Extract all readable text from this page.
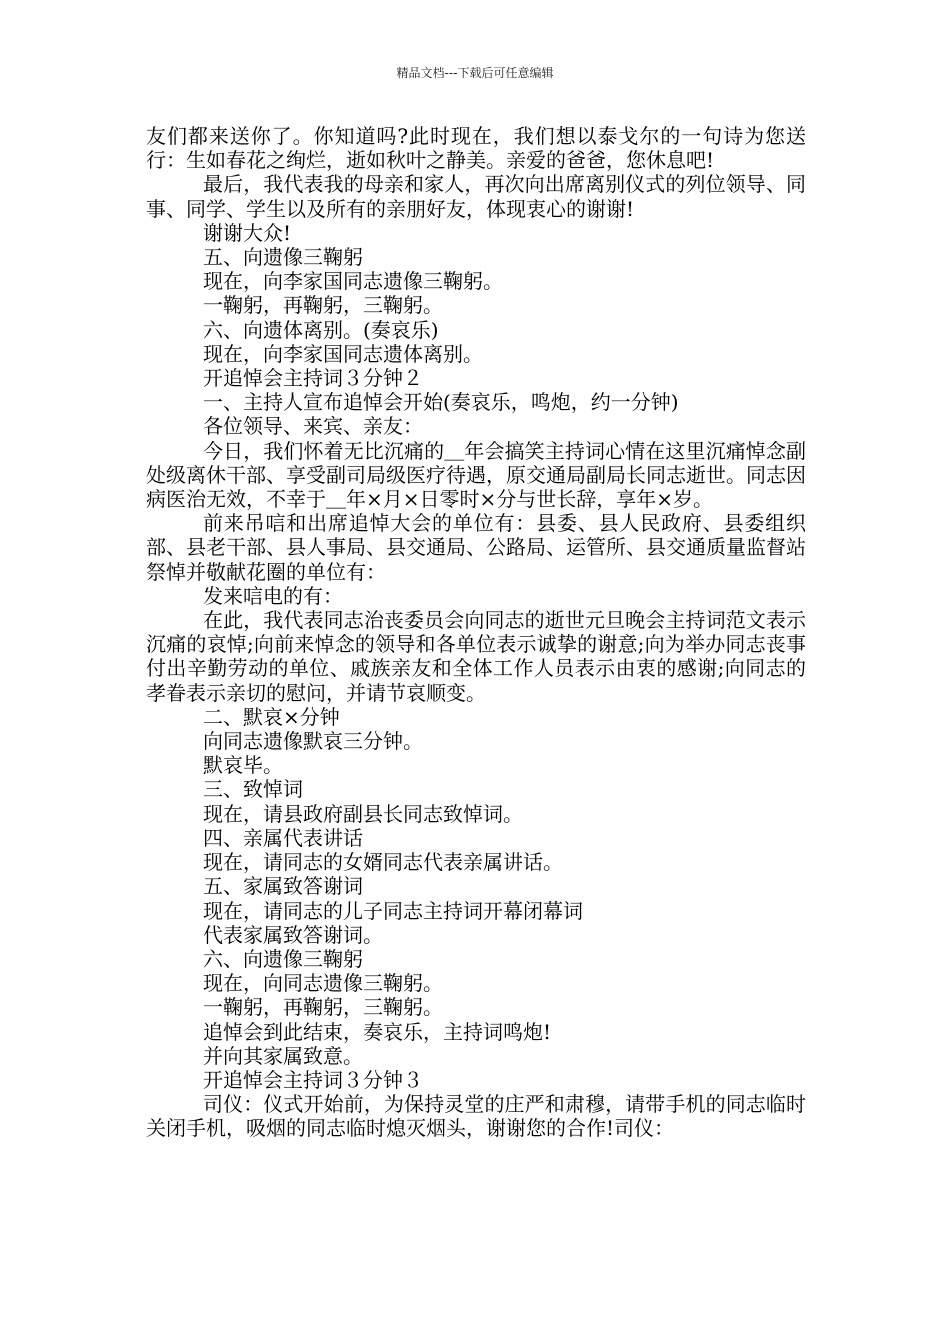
精品文档---下载后可任意编辑

友们都来送你了。你知道吗?此时现在，我们想以泰戈尔的一句诗为您送行：生如春花之绚烂，逝如秋叶之静美。亲爱的爸爸，您休息吧!

最后，我代表我的母亲和家人，再次向出席离别仪式的列位领导、同事、同学、学生以及所有的亲朋好友，体现衷心的谢谢!

谢谢大众!

五、向遗像三鞠躬

现在，向李家国同志遗像三鞠躬。

一鞠躬，再鞠躬，三鞠躬。

六、向遗体离别。(奏哀乐)

现在，向李家国同志遗体离别。

开追悼会主持词３分钟２

一、主持人宣布追悼会开始(奏哀乐，鸣炮，约一分钟)

各位领导、来宾、亲友：

今日，我们怀着无比沉痛的＿年会搞笑主持词心情在这里沉痛悼念副处级离休干部、享受副司局级医疗待遇，原交通局副局长同志逝世。同志因病医治无效，不幸于＿年×月×日零时×分与世长辞，享年×岁。

前来吊唁和出席追悼大会的单位有：县委、县人民政府、县委组织部、县老干部、县人事局、县交通局、公路局、运管所、县交通质量监督站祭悼并敬献花圈的单位有：

发来唁电的有：

在此，我代表同志治丧委员会向同志的逝世元旦晚会主持词范文表示沉痛的哀悼;向前来悼念的领导和各单位表示诚挚的谢意;向为举办同志丧事付出辛勤劳动的单位、戚族亲友和全体工作人员表示由衷的感谢;向同志的孝眷表示亲切的慰问，并请节哀顺变。

二、默哀×分钟

向同志遗像默哀三分钟。

默哀毕。

三、致悼词

现在，请县政府副县长同志致悼词。

四、亲属代表讲话

现在，请同志的女婿同志代表亲属讲话。

五、家属致答谢词

现在，请同志的儿子同志主持词开幕闭幕词

代表家属致答谢词。

六、向遗像三鞠躬

现在，向同志遗像三鞠躬。

一鞠躬，再鞠躬，三鞠躬。

追悼会到此结束，奏哀乐，主持词鸣炮!

并向其家属致意。

开追悼会主持词３分钟３

司仪：仪式开始前，为保持灵堂的庄严和肃穆，请带手机的同志临时关闭手机，吸烟的同志临时熄灭烟头，谢谢您的合作!司仪：
